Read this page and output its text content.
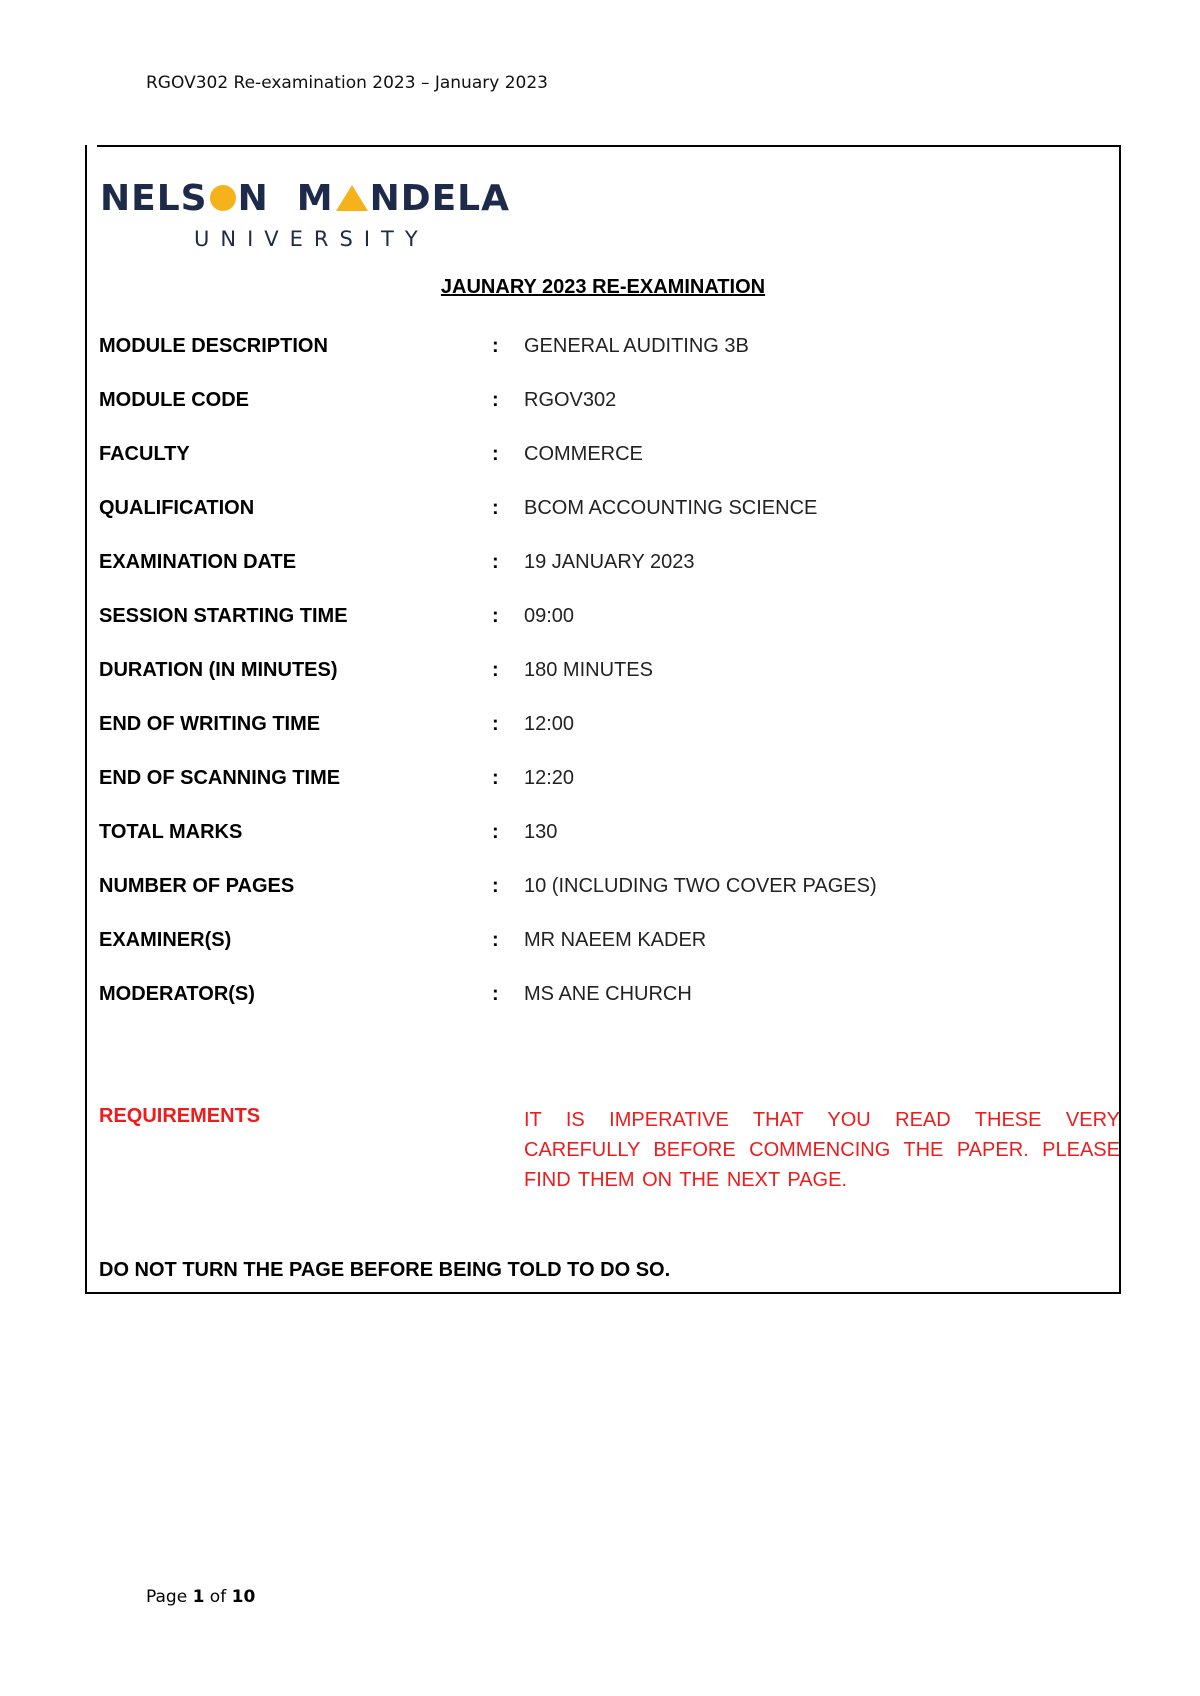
RGOV302 Re-examination 2023 – January 2023
NELS N M NDELA
UNIVERSITY
JAUNARY 2023 RE-EXAMINATION
MODULE DESCRIPTION	: GENERAL AUDITING 3B
MODULE CODE	: RGOV302
FACULTY	: COMMERCE
QUALIFICATION	: BCOM ACCOUNTING SCIENCE
EXAMINATION DATE	: 19 JANUARY 2023
SESSION STARTING TIME	: 09:00
DURATION (IN MINUTES)	: 180 MINUTES
END OF WRITING TIME	: 12:00
END OF SCANNING TIME	: 12:20
TOTAL MARKS	: 130
NUMBER OF PAGES	: 10 (INCLUDING TWO COVER PAGES)
EXAMINER(S)	: MR NAEEM KADER
MODERATOR(S)	: MS ANE CHURCH
REQUIREMENTS	IT IS IMPERATIVE THAT YOU READ THESE VERY CAREFULLY BEFORE COMMENCING THE PAPER. PLEASE FIND THEM ON THE NEXT PAGE.
DO NOT TURN THE PAGE BEFORE BEING TOLD TO DO SO.
Page 1 of 10
